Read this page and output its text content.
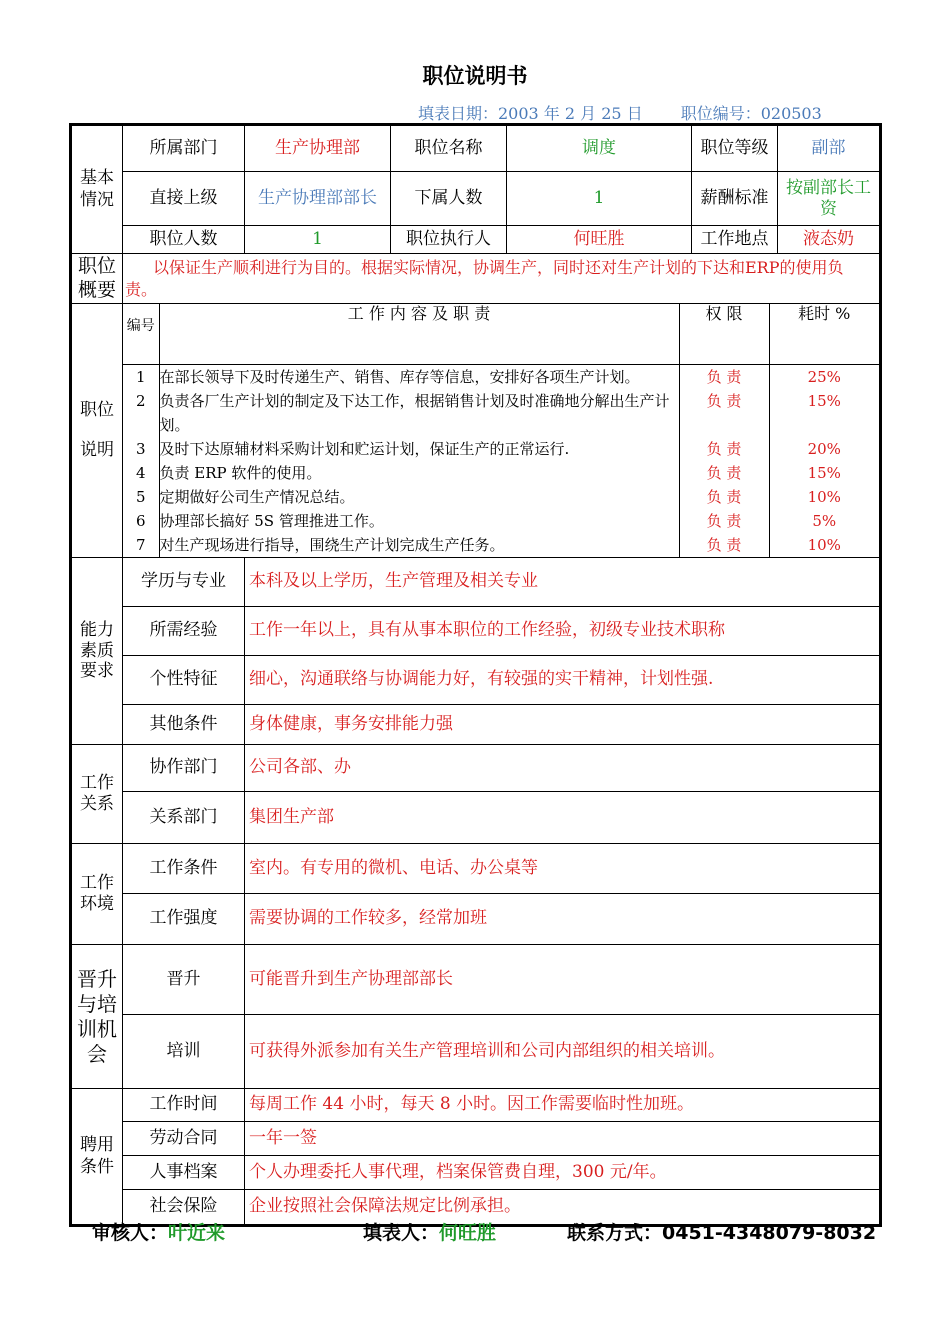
职位说明书
填表日期：2003 年 2 月 25 日 职位编号：020503
基本情况	所属部门	生产协理部	职位名称	调度	职位等级	副部
直接上级	生产协理部部长	下属人数	1	薪酬标准	按副部长工资
职位人数	1	职位执行人	何旺胜	工作地点	液态奶
职位概要	以保证生产顺利进行为目的。根据实际情况，协调生产，同时还对生产计划的下达和ERP的使用负责。
职位说明	
编号	工 作 内 容 及 职 责	权 限	耗时 %
1	在部长领导下及时传递生产、销售、库存等信息，安排好各项生产计划。	负 责	25%
2	负责各厂生产计划的制定及下达工作，根据销售计划及时准确地分解出生产计划。	负 责	15%
3	及时下达原辅材料采购计划和贮运计划，保证生产的正常运行.	负 责	20%
4	负责 ERP 软件的使用。	负 责	15%
5	定期做好公司生产情况总结。	负 责	10%
6	协理部长搞好 5S 管理推进工作。	负 责	5%
7	对生产现场进行指导，围绕生产计划完成生产任务。	负 责	10%

能力素质要求	学历与专业	本科及以上学历，生产管理及相关专业
所需经验	工作一年以上，具有从事本职位的工作经验，初级专业技术职称
个性特征	细心，沟通联络与协调能力好，有较强的实干精神，计划性强.
其他条件	身体健康，事务安排能力强
工作关系	协作部门	公司各部、办
关系部门	集团生产部
工作环境	工作条件	室内。有专用的微机、电话、办公桌等
工作强度	需要协调的工作较多，经常加班
晋升与培训机会	晋升	可能晋升到生产协理部部长
培训	可获得外派参加有关生产管理培训和公司内部组织的相关培训。
聘用条件	工作时间	每周工作 44 小时，每天 8 小时。因工作需要临时性加班。
劳动合同	一年一签
人事档案	个人办理委托人事代理，档案保管费自理，300 元/年。
社会保险	企业按照社会保障法规定比例承担。
审核人：叶近来	填表人：何旺胜	联系方式：0451-4348079-8032
